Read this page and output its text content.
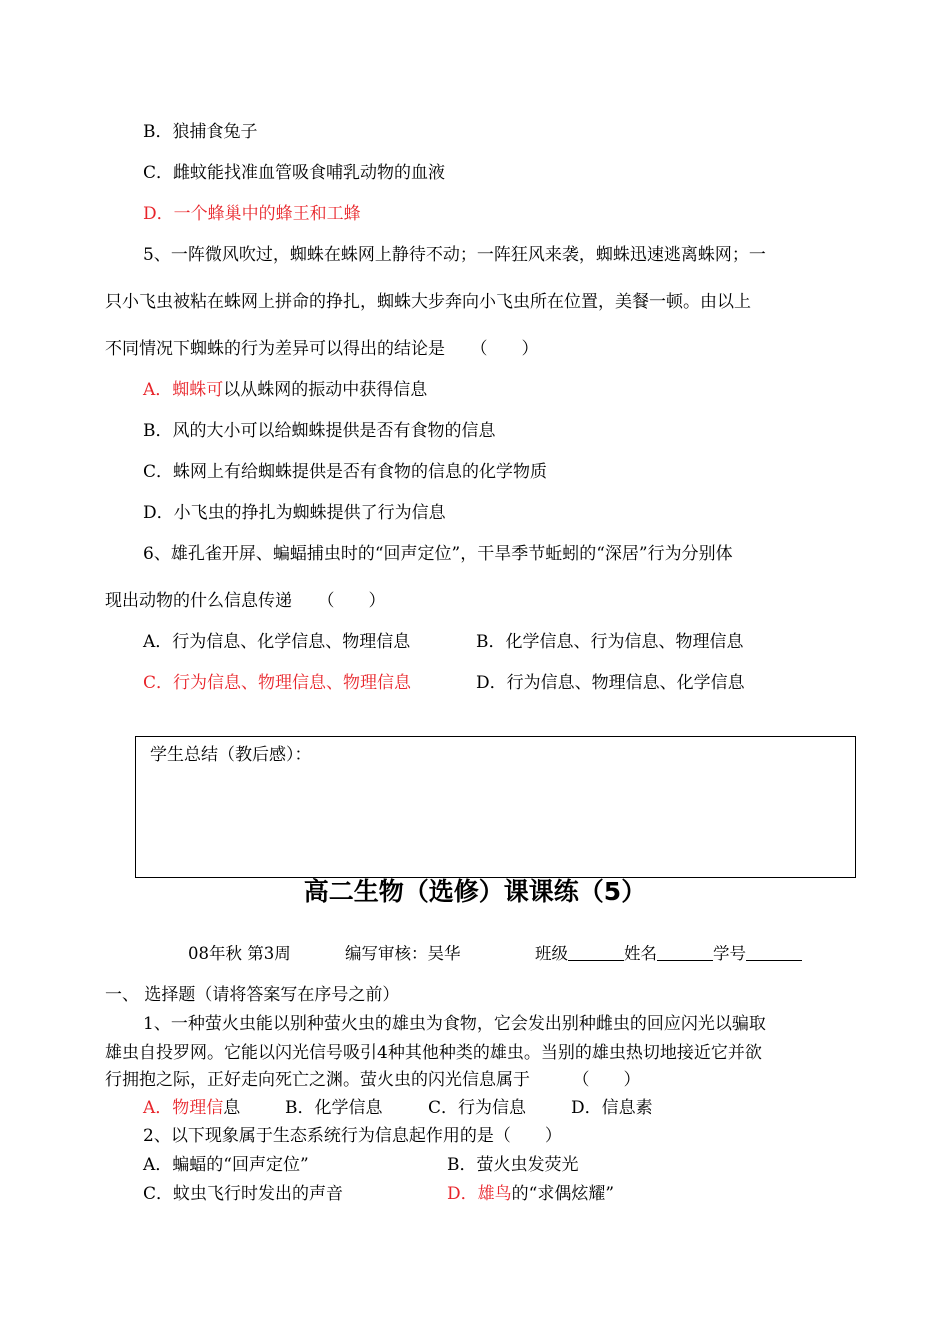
B．狼捕食兔子
C．雌蚊能找准血管吸食哺乳动物的血液
D．一个蜂巢中的蜂王和工蜂
5、一阵微风吹过，蜘蛛在蛛网上静待不动；一阵狂风来袭，蜘蛛迅速逃离蛛网；一
只小飞虫被粘在蛛网上拼命的挣扎，蜘蛛大步奔向小飞虫所在位置，美餐一顿。由以上
不同情况下蜘蛛的行为差异可以得出的结论是　　（　　）
A．蜘蛛可以从蛛网的振动中获得信息
B．风的大小可以给蜘蛛提供是否有食物的信息
C．蛛网上有给蜘蛛提供是否有食物的信息的化学物质
D．小飞虫的挣扎为蜘蛛提供了行为信息
6、雄孔雀开屏、蝙蝠捕虫时的“回声定位”，干旱季节蚯蚓的“深居”行为分别体
现出动物的什么信息传递　　（　　）
A．行为信息、化学信息、物理信息	B．化学信息、行为信息、物理信息
C．行为信息、物理信息、物理信息	D．行为信息、物理信息、化学信息
学生总结（教后感）：
高二生物（选修）课课练（5）
08年秋 第3周	编写审核：吴华	班级	姓名	学号
一、 选择题（请将答案写在序号之前）
1、一种萤火虫能以别种萤火虫的雄虫为食物，它会发出别种雌虫的回应闪光以骗取
雄虫自投罗网。它能以闪光信号吸引4种其他种类的雄虫。当别的雄虫热切地接近它并欲
行拥抱之际，正好走向死亡之渊。萤火虫的闪光信息属于　　　（　　）
A．物理信息	B．化学信息	C．行为信息	D．信息素
2、以下现象属于生态系统行为信息起作用的是（　　）
A．蝙蝠的“回声定位”	B．萤火虫发荧光
C．蚊虫飞行时发出的声音	D．雄鸟的“求偶炫耀”
